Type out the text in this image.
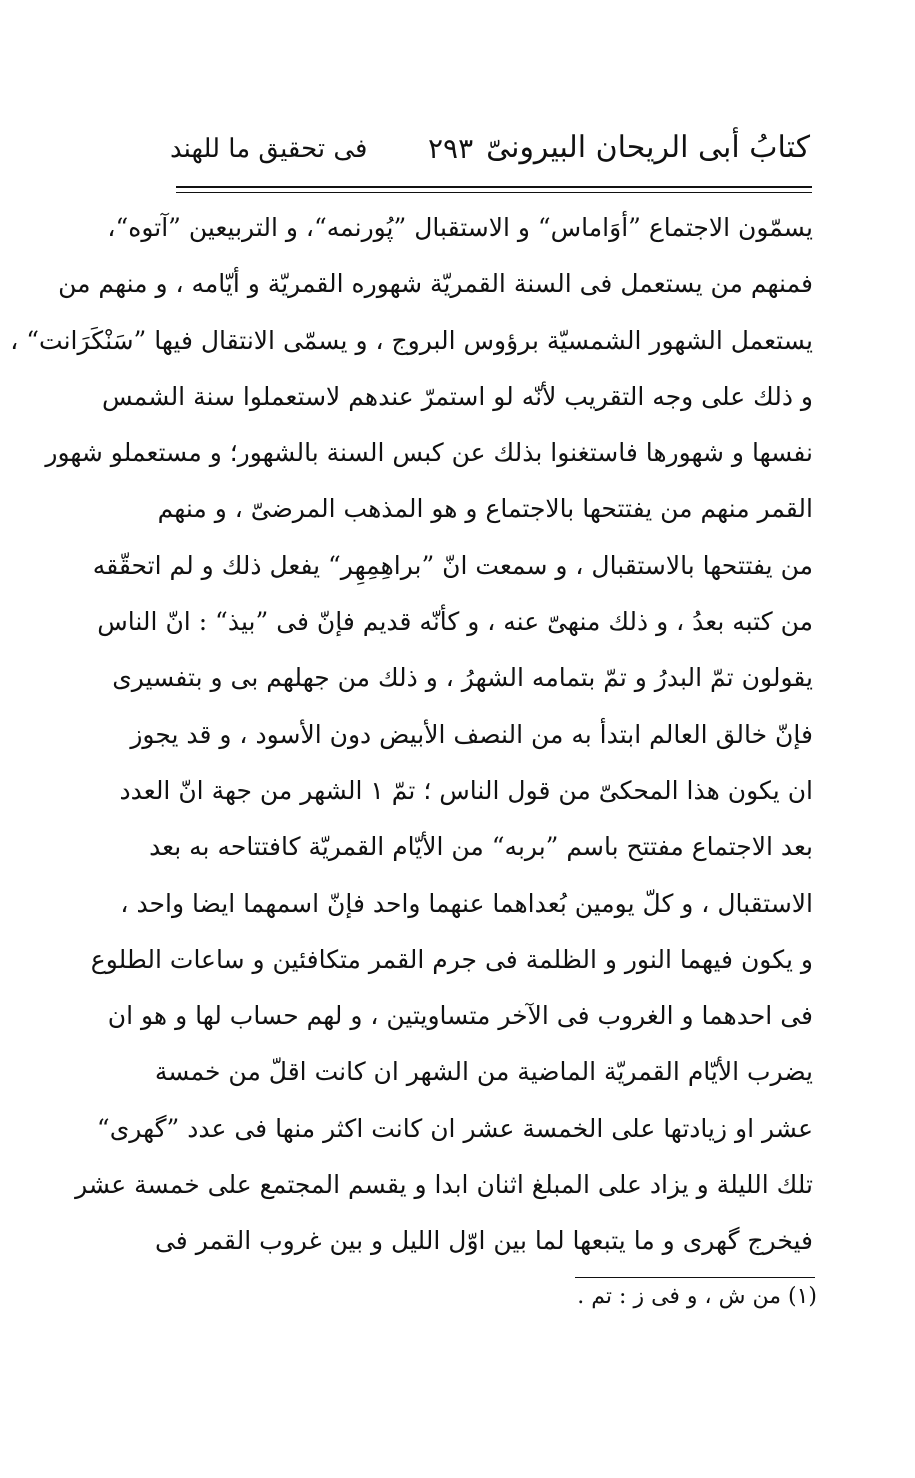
كتابُ أبى الريحان البيرونىّ
٢٩٣
فى تحقيق ما للهند
يسمّون الاجتماع ”أوَاماس“ و الاستقبال ”پُورنمه“، و التربيعين ”آتوه“،
فمنهم من يستعمل فى السنة القمريّة شهوره القمريّة و أيّامه ، و منهم من
يستعمل الشهور الشمسيّة برؤوس البروج ، و يسمّى الانتقال فيها ”سَنْكَرَانت“ ،
و ذلك على وجه التقريب لأنّه لو استمرّ عندهم لاستعملوا سنة الشمس
نفسها و شهورها فاستغنوا بذلك عن كبس السنة بالشهور؛ و مستعملو شهور
القمر منهم من يفتتحها بالاجتماع و هو المذهب المرضىّ ، و منهم
من يفتتحها بالاستقبال ، و سمعت انّ ”براهِمِهِر“ يفعل ذلك و لم اتحقّقه
من كتبه بعدُ ، و ذلك منهىّ عنه ، و كأنّه قديم فإنّ فى ”بيذ“ : انّ الناس
يقولون تمّ البدرُ و تمّ بتمامه الشهرُ ، و ذلك من جهلهم بى و بتفسيرى
فإنّ خالق العالم ابتدأ به من النصف الأبيض دون الأسود ، و قد يجوز
ان يكون هذا المحكىّ من قول الناس ؛ تمّ ١ الشهر من جهة انّ العدد
بعد الاجتماع مفتتح باسم ”بربه“ من الأيّام القمريّة كافتتاحه به بعد
الاستقبال ، و كلّ يومين بُعداهما عنهما واحد فإنّ اسمهما ايضا واحد ،
و يكون فيهما النور و الظلمة فى جرم القمر متكافئين و ساعات الطلوع
فى احدهما و الغروب فى الآخر متساويتين ، و لهم حساب لها و هو ان
يضرب الأيّام القمريّة الماضية من الشهر ان كانت اقلّ من خمسة
عشر او زيادتها على الخمسة عشر ان كانت اكثر منها فى عدد ”گهرى“
تلك الليلة و يزاد على المبلغ اثنان ابدا و يقسم المجتمع على خمسة عشر
فيخرج گهرى و ما يتبعها لما بين اوّل الليل و بين غروب القمر فى
(١) من ش ، و فى ز : تم .
